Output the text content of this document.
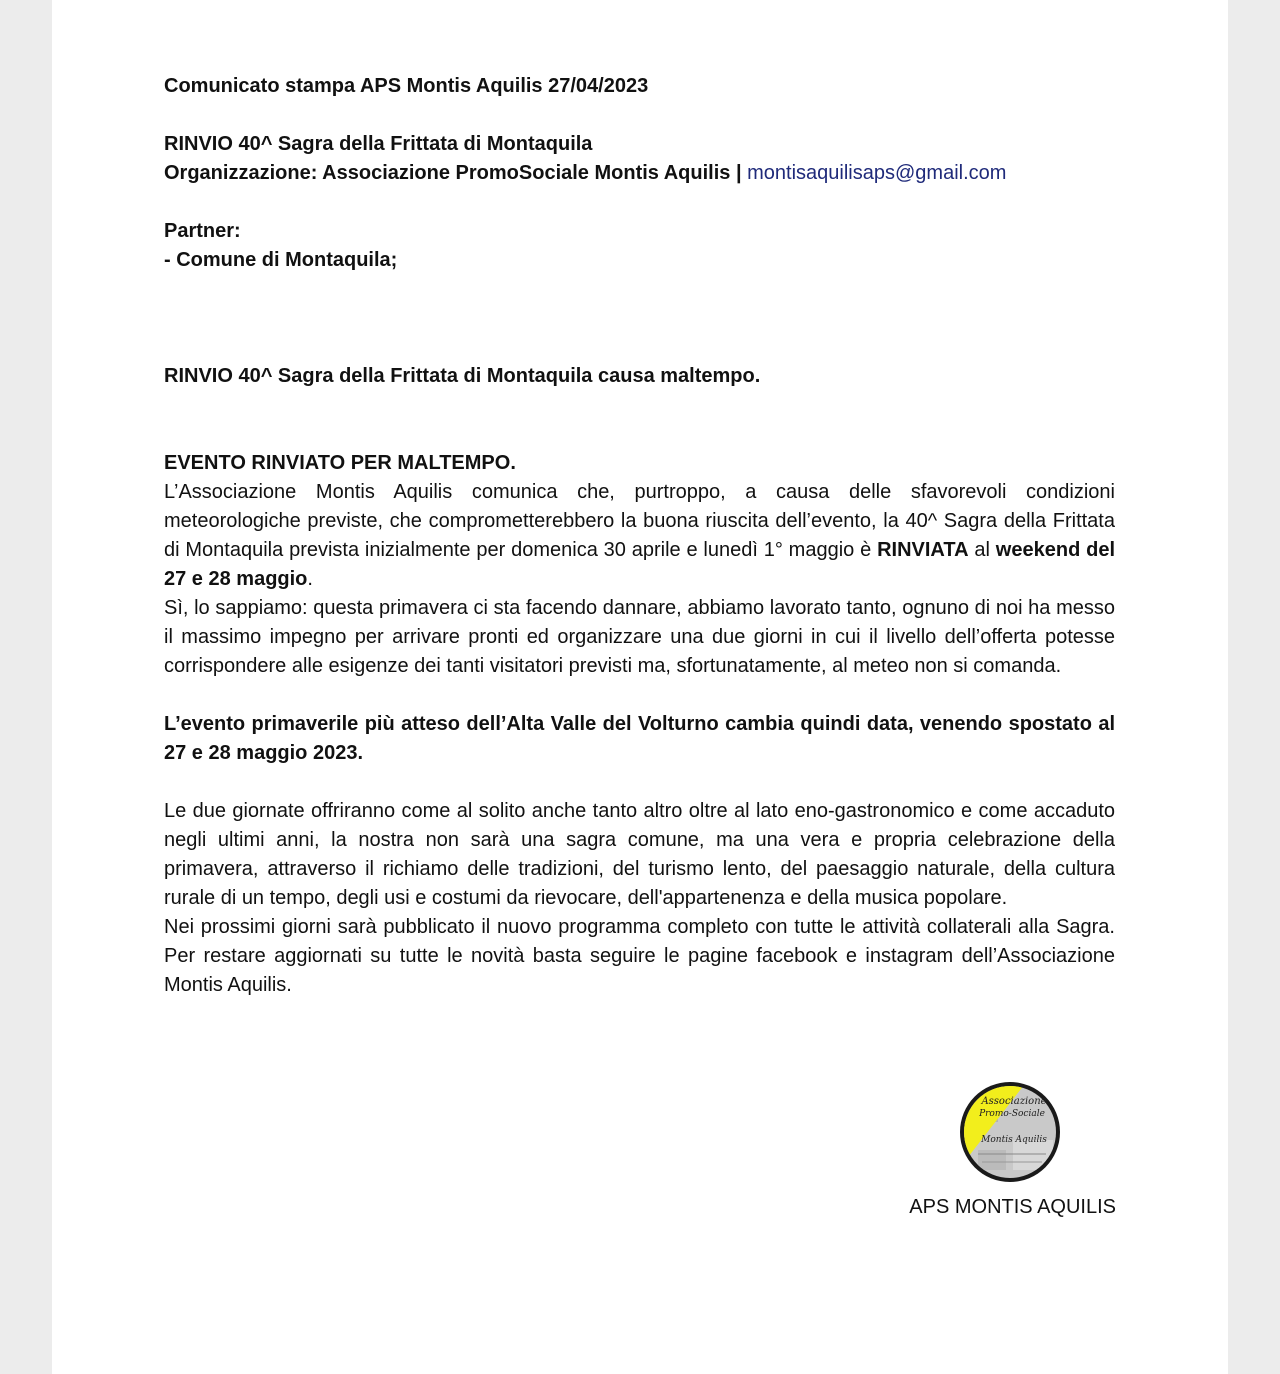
Comunicato stampa APS Montis Aquilis 27/04/2023

RINVIO 40^ Sagra della Frittata di Montaquila

Organizzazione: Associazione PromoSociale Montis Aquilis | montisaquilisaps@gmail.com

Partner:

- Comune di Montaquila;

RINVIO 40^ Sagra della Frittata di Montaquila causa maltempo.

EVENTO RINVIATO PER MALTEMPO.

L’Associazione Montis Aquilis comunica che, purtroppo, a causa delle sfavorevoli condizioni meteorologiche previste, che comprometterebbero la buona riuscita dell’evento, la 40^ Sagra della Frittata di Montaquila prevista inizialmente per domenica 30 aprile e lunedì 1° maggio è RINVIATA al weekend del 27 e 28 maggio.

Sì, lo sappiamo: questa primavera ci sta facendo dannare, abbiamo lavorato tanto, ognuno di noi ha messo il massimo impegno per arrivare pronti ed organizzare una due giorni in cui il livello dell’offerta potesse corrispondere alle esigenze dei tanti visitatori previsti ma, sfortunatamente, al meteo non si comanda.

L’evento primaverile più atteso dell’Alta Valle del Volturno cambia quindi data, venendo spostato al 27 e 28 maggio 2023.

Le due giornate offriranno come al solito anche tanto altro oltre al lato eno-gastronomico e come accaduto negli ultimi anni, la nostra non sarà una sagra comune, ma una vera e propria celebrazione della primavera, attraverso il richiamo delle tradizioni, del turismo lento, del paesaggio naturale, della cultura rurale di un tempo, degli usi e costumi da rievocare, dell'appartenenza e della musica popolare.

Nei prossimi giorni sarà pubblicato il nuovo programma completo con tutte le attività collaterali alla Sagra. Per restare aggiornati su tutte le novità basta seguire le pagine facebook e instagram dell’Associazione Montis Aquilis.

Associazione
Promo-Sociale
Montis Aquilis
APS MONTIS AQUILIS
